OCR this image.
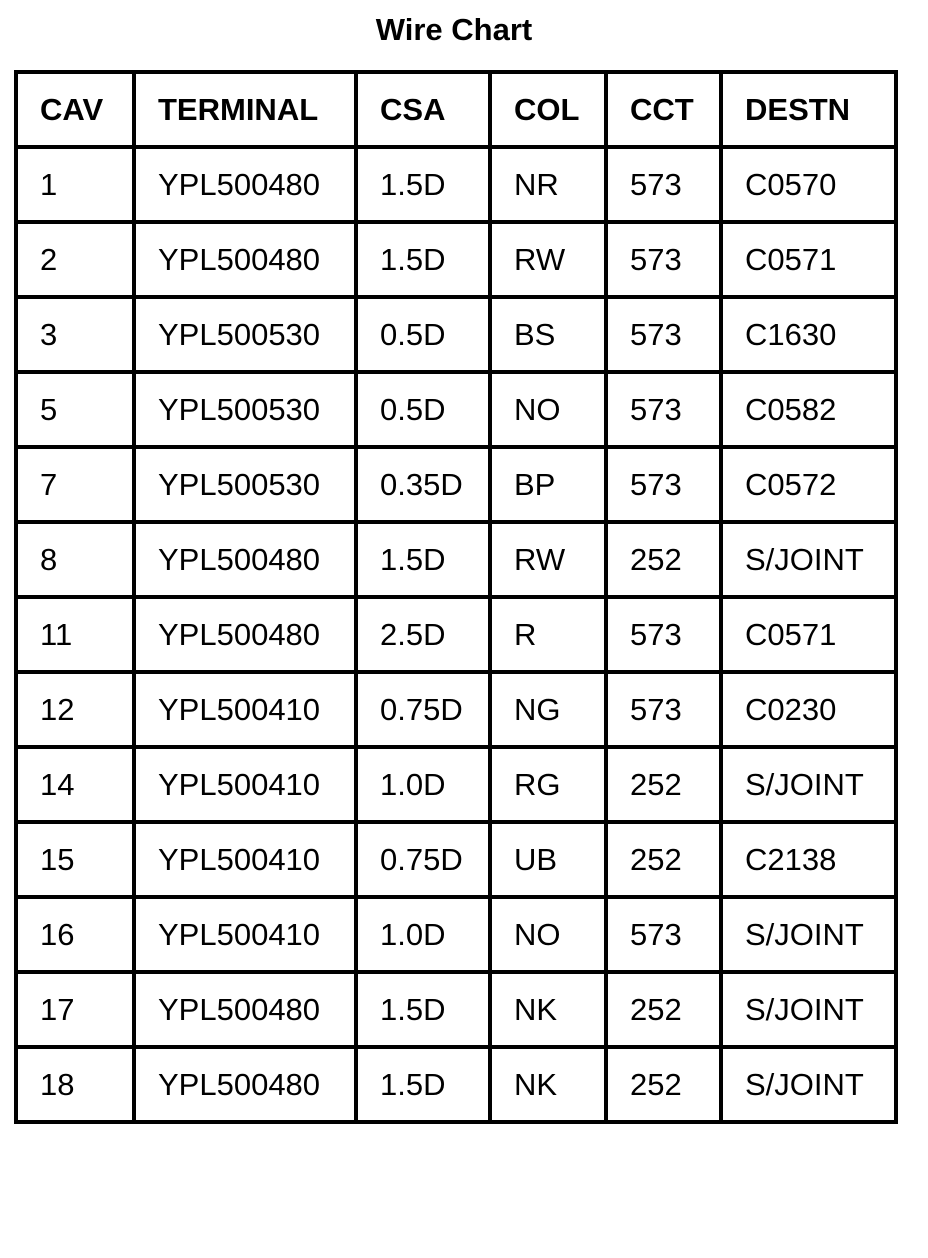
Wire Chart
CAV	TERMINAL	CSA	COL	CCT	DESTN
1	YPL500480	1.5D	NR	573	C0570
2	YPL500480	1.5D	RW	573	C0571
3	YPL500530	0.5D	BS	573	C1630
5	YPL500530	0.5D	NO	573	C0582
7	YPL500530	0.35D	BP	573	C0572
8	YPL500480	1.5D	RW	252	S/JOINT
11	YPL500480	2.5D	R	573	C0571
12	YPL500410	0.75D	NG	573	C0230
14	YPL500410	1.0D	RG	252	S/JOINT
15	YPL500410	0.75D	UB	252	C2138
16	YPL500410	1.0D	NO	573	S/JOINT
17	YPL500480	1.5D	NK	252	S/JOINT
18	YPL500480	1.5D	NK	252	S/JOINT
